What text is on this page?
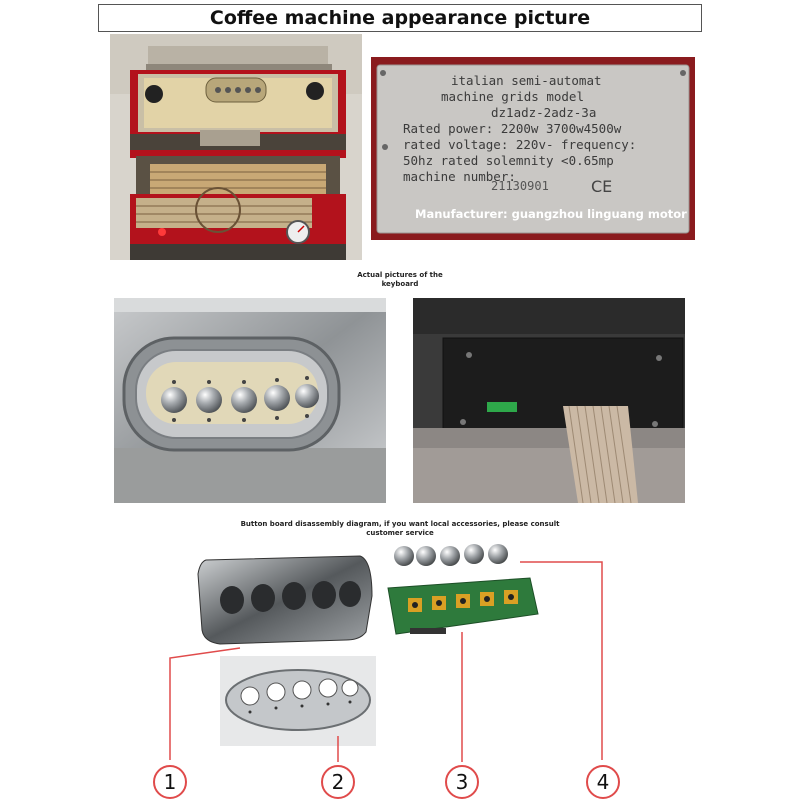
Coffee machine appearance picture
italian semi-automat
machine grids model
dz1adz-2adz-3a
Rated power: 2200w 3700w4500w
rated voltage: 220v- frequency:
50hz rated solemnity <0.65mp
machine number:
21130901	CE
Manufacturer: guangzhou linguang motor
Actual pictures of the
keyboard
Button board disassembly diagram, if you want local accessories, please consult
customer service
1	2	3	4
